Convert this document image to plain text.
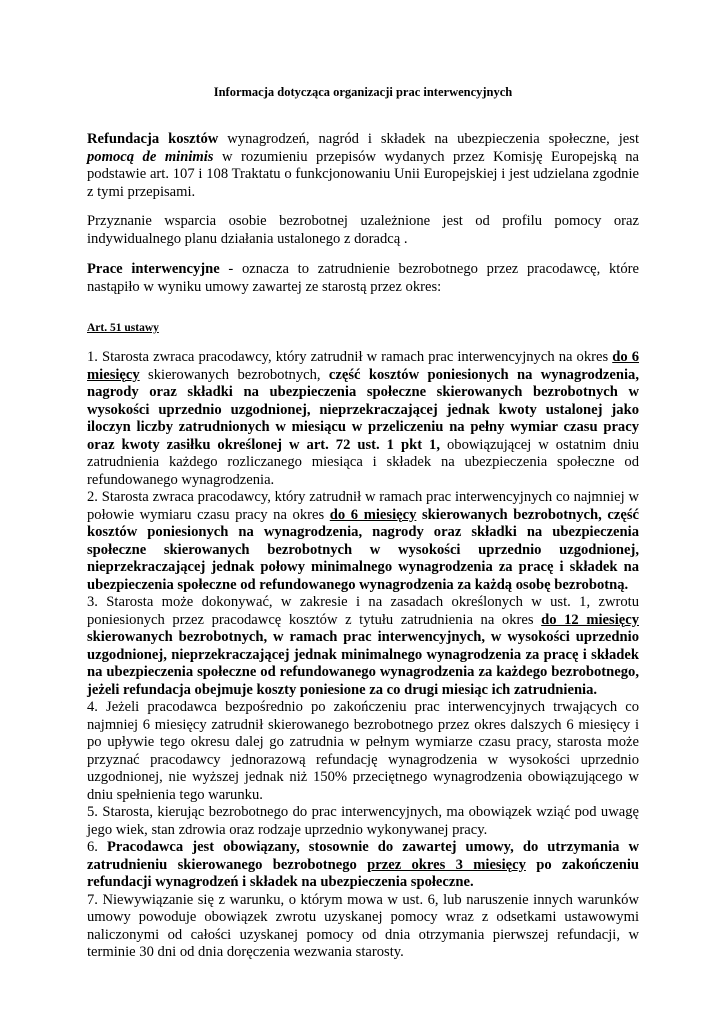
Informacja dotycząca organizacji prac interwencyjnych

Refundacja kosztów wynagrodzeń, nagród i składek na ubezpieczenia społeczne, jest pomocą de minimis w rozumieniu przepisów wydanych przez Komisję Europejską na podstawie art. 107 i 108 Traktatu o funkcjonowaniu Unii Europejskiej i jest udzielana zgodnie z tymi przepisami.

Przyznanie wsparcia osobie bezrobotnej uzależnione jest od profilu pomocy oraz indywidualnego planu działania ustalonego z doradcą .

Prace interwencyjne - oznacza to zatrudnienie bezrobotnego przez pracodawcę, które nastąpiło w wyniku umowy zawartej ze starostą przez okres:

Art. 51 ustawy

1. Starosta zwraca pracodawcy, który zatrudnił w ramach prac interwencyjnych na okres do 6 miesięcy skierowanych bezrobotnych, część kosztów poniesionych na wynagrodzenia, nagrody oraz składki na ubezpieczenia społeczne skierowanych bezrobotnych w wysokości uprzednio uzgodnionej, nieprzekraczającej jednak kwoty ustalonej jako iloczyn liczby zatrudnionych w miesiącu w przeliczeniu na pełny wymiar czasu pracy oraz kwoty zasiłku określonej w art. 72 ust. 1 pkt 1, obowiązującej w ostatnim dniu zatrudnienia każdego rozliczanego miesiąca i składek na ubezpieczenia społeczne od refundowanego wynagrodzenia.

2. Starosta zwraca pracodawcy, który zatrudnił w ramach prac interwencyjnych co najmniej w połowie wymiaru czasu pracy na okres do 6 miesięcy skierowanych bezrobotnych, część kosztów poniesionych na wynagrodzenia, nagrody oraz składki na ubezpieczenia społeczne skierowanych bezrobotnych w wysokości uprzednio uzgodnionej, nieprzekraczającej jednak połowy minimalnego wynagrodzenia za pracę i składek na ubezpieczenia społeczne od refundowanego wynagrodzenia za każdą osobę bezrobotną.

3. Starosta może dokonywać, w zakresie i na zasadach określonych w ust. 1, zwrotu poniesionych przez pracodawcę kosztów z tytułu zatrudnienia na okres do 12 miesięcy skierowanych bezrobotnych, w ramach prac interwencyjnych, w wysokości uprzednio uzgodnionej, nieprzekraczającej jednak minimalnego wynagrodzenia za pracę i składek na ubezpieczenia społeczne od refundowanego wynagrodzenia za każdego bezrobotnego, jeżeli refundacja obejmuje koszty poniesione za co drugi miesiąc ich zatrudnienia.

4. Jeżeli pracodawca bezpośrednio po zakończeniu prac interwencyjnych trwających co najmniej 6 miesięcy zatrudnił skierowanego bezrobotnego przez okres dalszych 6 miesięcy i po upływie tego okresu dalej go zatrudnia w pełnym wymiarze czasu pracy, starosta może przyznać pracodawcy jednorazową refundację wynagrodzenia w wysokości uprzednio uzgodnionej, nie wyższej jednak niż 150% przeciętnego wynagrodzenia obowiązującego w dniu spełnienia tego warunku.

5. Starosta, kierując bezrobotnego do prac interwencyjnych, ma obowiązek wziąć pod uwagę jego wiek, stan zdrowia oraz rodzaje uprzednio wykonywanej pracy.

6. Pracodawca jest obowiązany, stosownie do zawartej umowy, do utrzymania w zatrudnieniu skierowanego bezrobotnego przez okres 3 miesięcy po zakończeniu refundacji wynagrodzeń i składek na ubezpieczenia społeczne.

7. Niewywiązanie się z warunku, o którym mowa w ust. 6, lub naruszenie innych warunków umowy powoduje obowiązek zwrotu uzyskanej pomocy wraz z odsetkami ustawowymi naliczonymi od całości uzyskanej pomocy od dnia otrzymania pierwszej refundacji, w terminie 30 dni od dnia doręczenia wezwania starosty.
